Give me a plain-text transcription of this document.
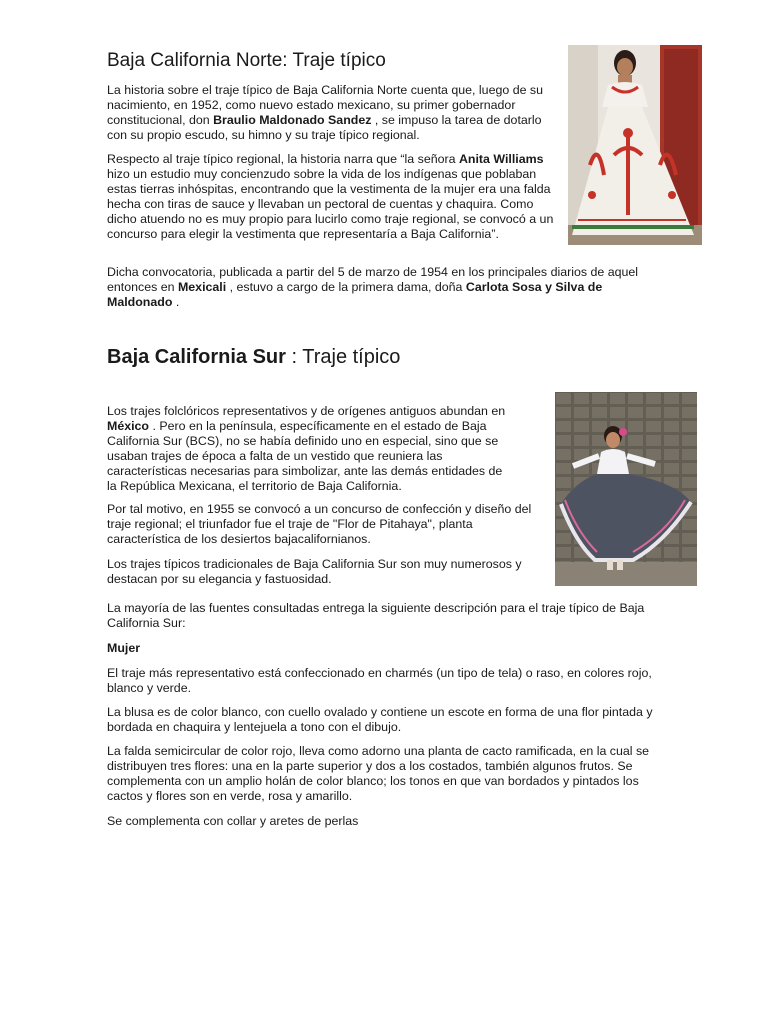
Baja California Norte: Traje típico

La historia sobre el traje típico de Baja California Norte cuenta que, luego de su nacimiento, en 1952, como nuevo estado mexicano, su primer gobernador constitucional, don Braulio Maldonado Sandez , se impuso la tarea de dotarlo con su propio escudo, su himno y su traje típico regional.

Respecto al traje típico regional, la historia narra que “la señora Anita Williams hizo un estudio muy concienzudo sobre la vida de los indígenas que poblaban estas tierras inhóspitas, encontrando que la vestimenta de la mujer era una falda hecha con tiras de sauce y llevaban un pectoral de cuentas y chaquira. Como dicho atuendo no es muy propio para lucirlo como traje regional, se convocó a un concurso para elegir la vestimenta que representaría a Baja California”.

Dicha convocatoria, publicada a partir del 5 de marzo de 1954 en los principales diarios de aquel entonces en Mexicali , estuvo a cargo de la primera dama, doña Carlota Sosa y Silva de Maldonado .

Baja California Sur : Traje típico

Los trajes folclóricos representativos y de orígenes antiguos abundan en México . Pero en la península, específicamente en el estado de Baja California Sur (BCS), no se había definido uno en especial, sino que se usaban trajes de época a falta de un vestido que reuniera las características necesarias para simbolizar, ante las demás entidades de la República Mexicana, el territorio de Baja California.

Por tal motivo, en 1955 se convocó a un concurso de confección y diseño del traje regional; el triunfador fue el traje de "Flor de Pitahaya", planta característica de los desiertos bajacalifornianos.

Los trajes típicos tradicionales de Baja California Sur son muy numerosos y destacan por su elegancia y fastuosidad.

La mayoría de las fuentes consultadas entrega la siguiente descripción para el traje típico de Baja California Sur:

Mujer

El traje más representativo está confeccionado en charmés (un tipo de tela) o raso, en colores rojo, blanco y verde.

La blusa es de color blanco, con cuello ovalado y contiene un escote en forma de una flor pintada y bordada en chaquira y lentejuela a tono con el dibujo.

La falda semicircular de color rojo, lleva como adorno una planta de cacto ramificada, en la cual se distribuyen tres flores: una en la parte superior y dos a los costados, también algunos frutos. Se complementa con un amplio holán de color blanco; los tonos en que van bordados y pintados los cactos y flores son en verde, rosa y amarillo.

Se complementa con collar y aretes de perlas
